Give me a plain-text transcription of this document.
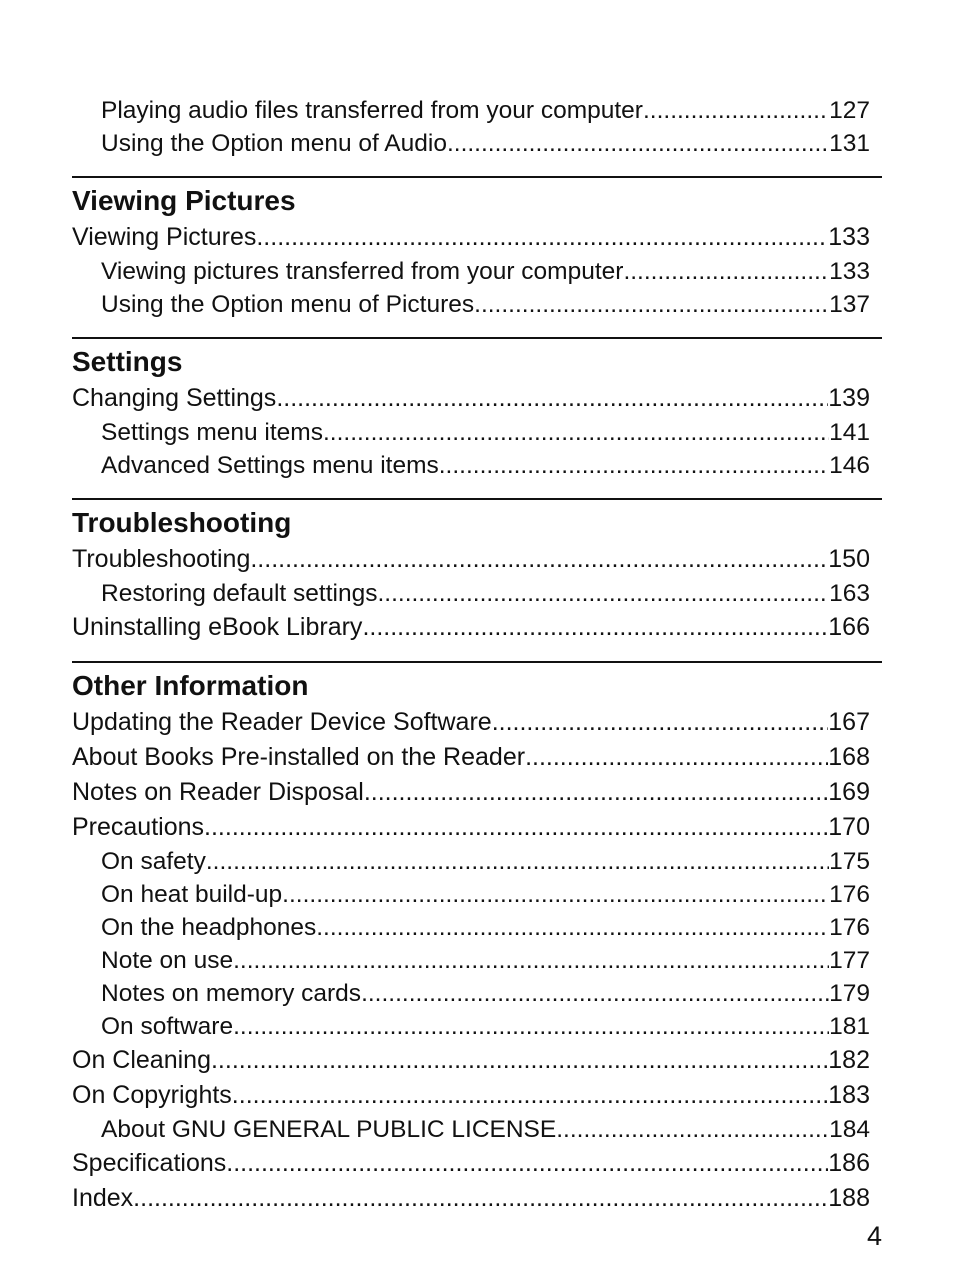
Playing audio files transferred from your computer .....	127
Using the Option menu of Audio .....	131
Viewing Pictures
Viewing Pictures .....	133
Viewing pictures transferred from your computer .....	133
Using the Option menu of Pictures .....	137
Settings
Changing Settings .....	139
Settings menu items .....	141
Advanced Settings menu items .....	146
Troubleshooting
Troubleshooting .....	150
Restoring default settings .....	163
Uninstalling eBook Library .....	166
Other Information
Updating the Reader Device Software .....	167
About Books Pre-installed on the Reader .....	168
Notes on Reader Disposal .....	169
Precautions .....	170
On safety .....	175
On heat build-up .....	176
On the headphones .....	176
Note on use .....	177
Notes on memory cards .....	179
On software .....	181
On Cleaning .....	182
On Copyrights .....	183
About GNU GENERAL PUBLIC LICENSE .....	184
Specifications .....	186
Index .....	188
4
